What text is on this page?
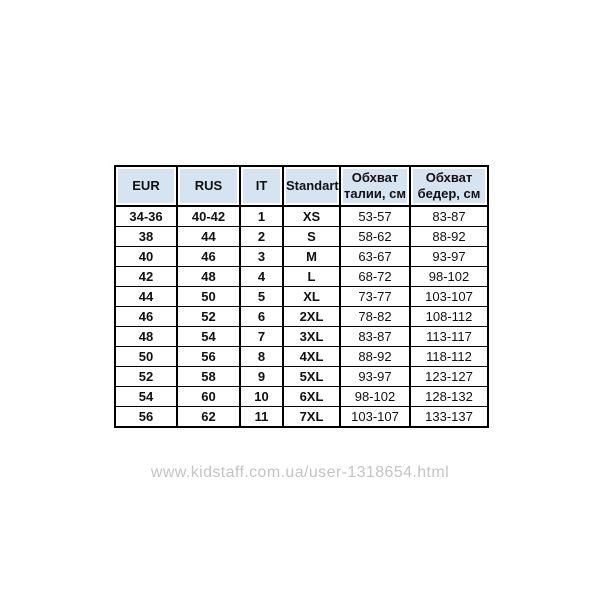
EUR	RUS	IT	Standart	Обхват талии, см	Обхват бедер, см
34-36	40-42	1	XS	53-57	83-87
38	44	2	S	58-62	88-92
40	46	3	M	63-67	93-97
42	48	4	L	68-72	98-102
44	50	5	XL	73-77	103-107
46	52	6	2XL	78-82	108-112
48	54	7	3XL	83-87	113-117
50	56	8	4XL	88-92	118-112
52	58	9	5XL	93-97	123-127
54	60	10	6XL	98-102	128-132
56	62	11	7XL	103-107	133-137
www.kidstaff.com.ua/user-1318654.html
